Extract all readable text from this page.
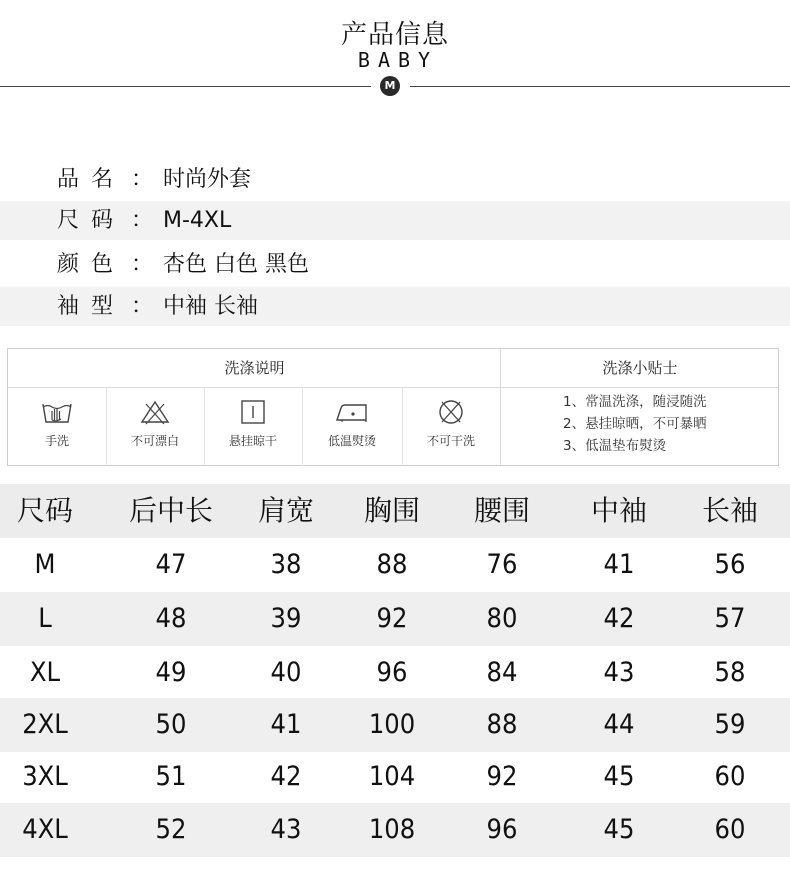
产品信息
BABY
M
品名 ： 时尚外套
尺码 ： M-4XL
颜色 ： 杏色 白色 黑色
袖型 ： 中袖 长袖
洗涤说明	洗涤小贴士
手洗	不可漂白	悬挂晾干	低温熨烫	不可干洗
1、常温洗涤，随浸随洗
2、悬挂晾晒，不可暴晒
3、低温垫布熨烫
尺码 后中长 肩宽 胸围 腰围 中袖 长袖
M	47	38	88	76	41	56
L	48	39	92	80	42	57
XL	49	40	96	84	43	58
2XL	50	41 100	88	44	59
3XL	51	42 104	92	45	60
4XL	52	43 108	96	45	60
